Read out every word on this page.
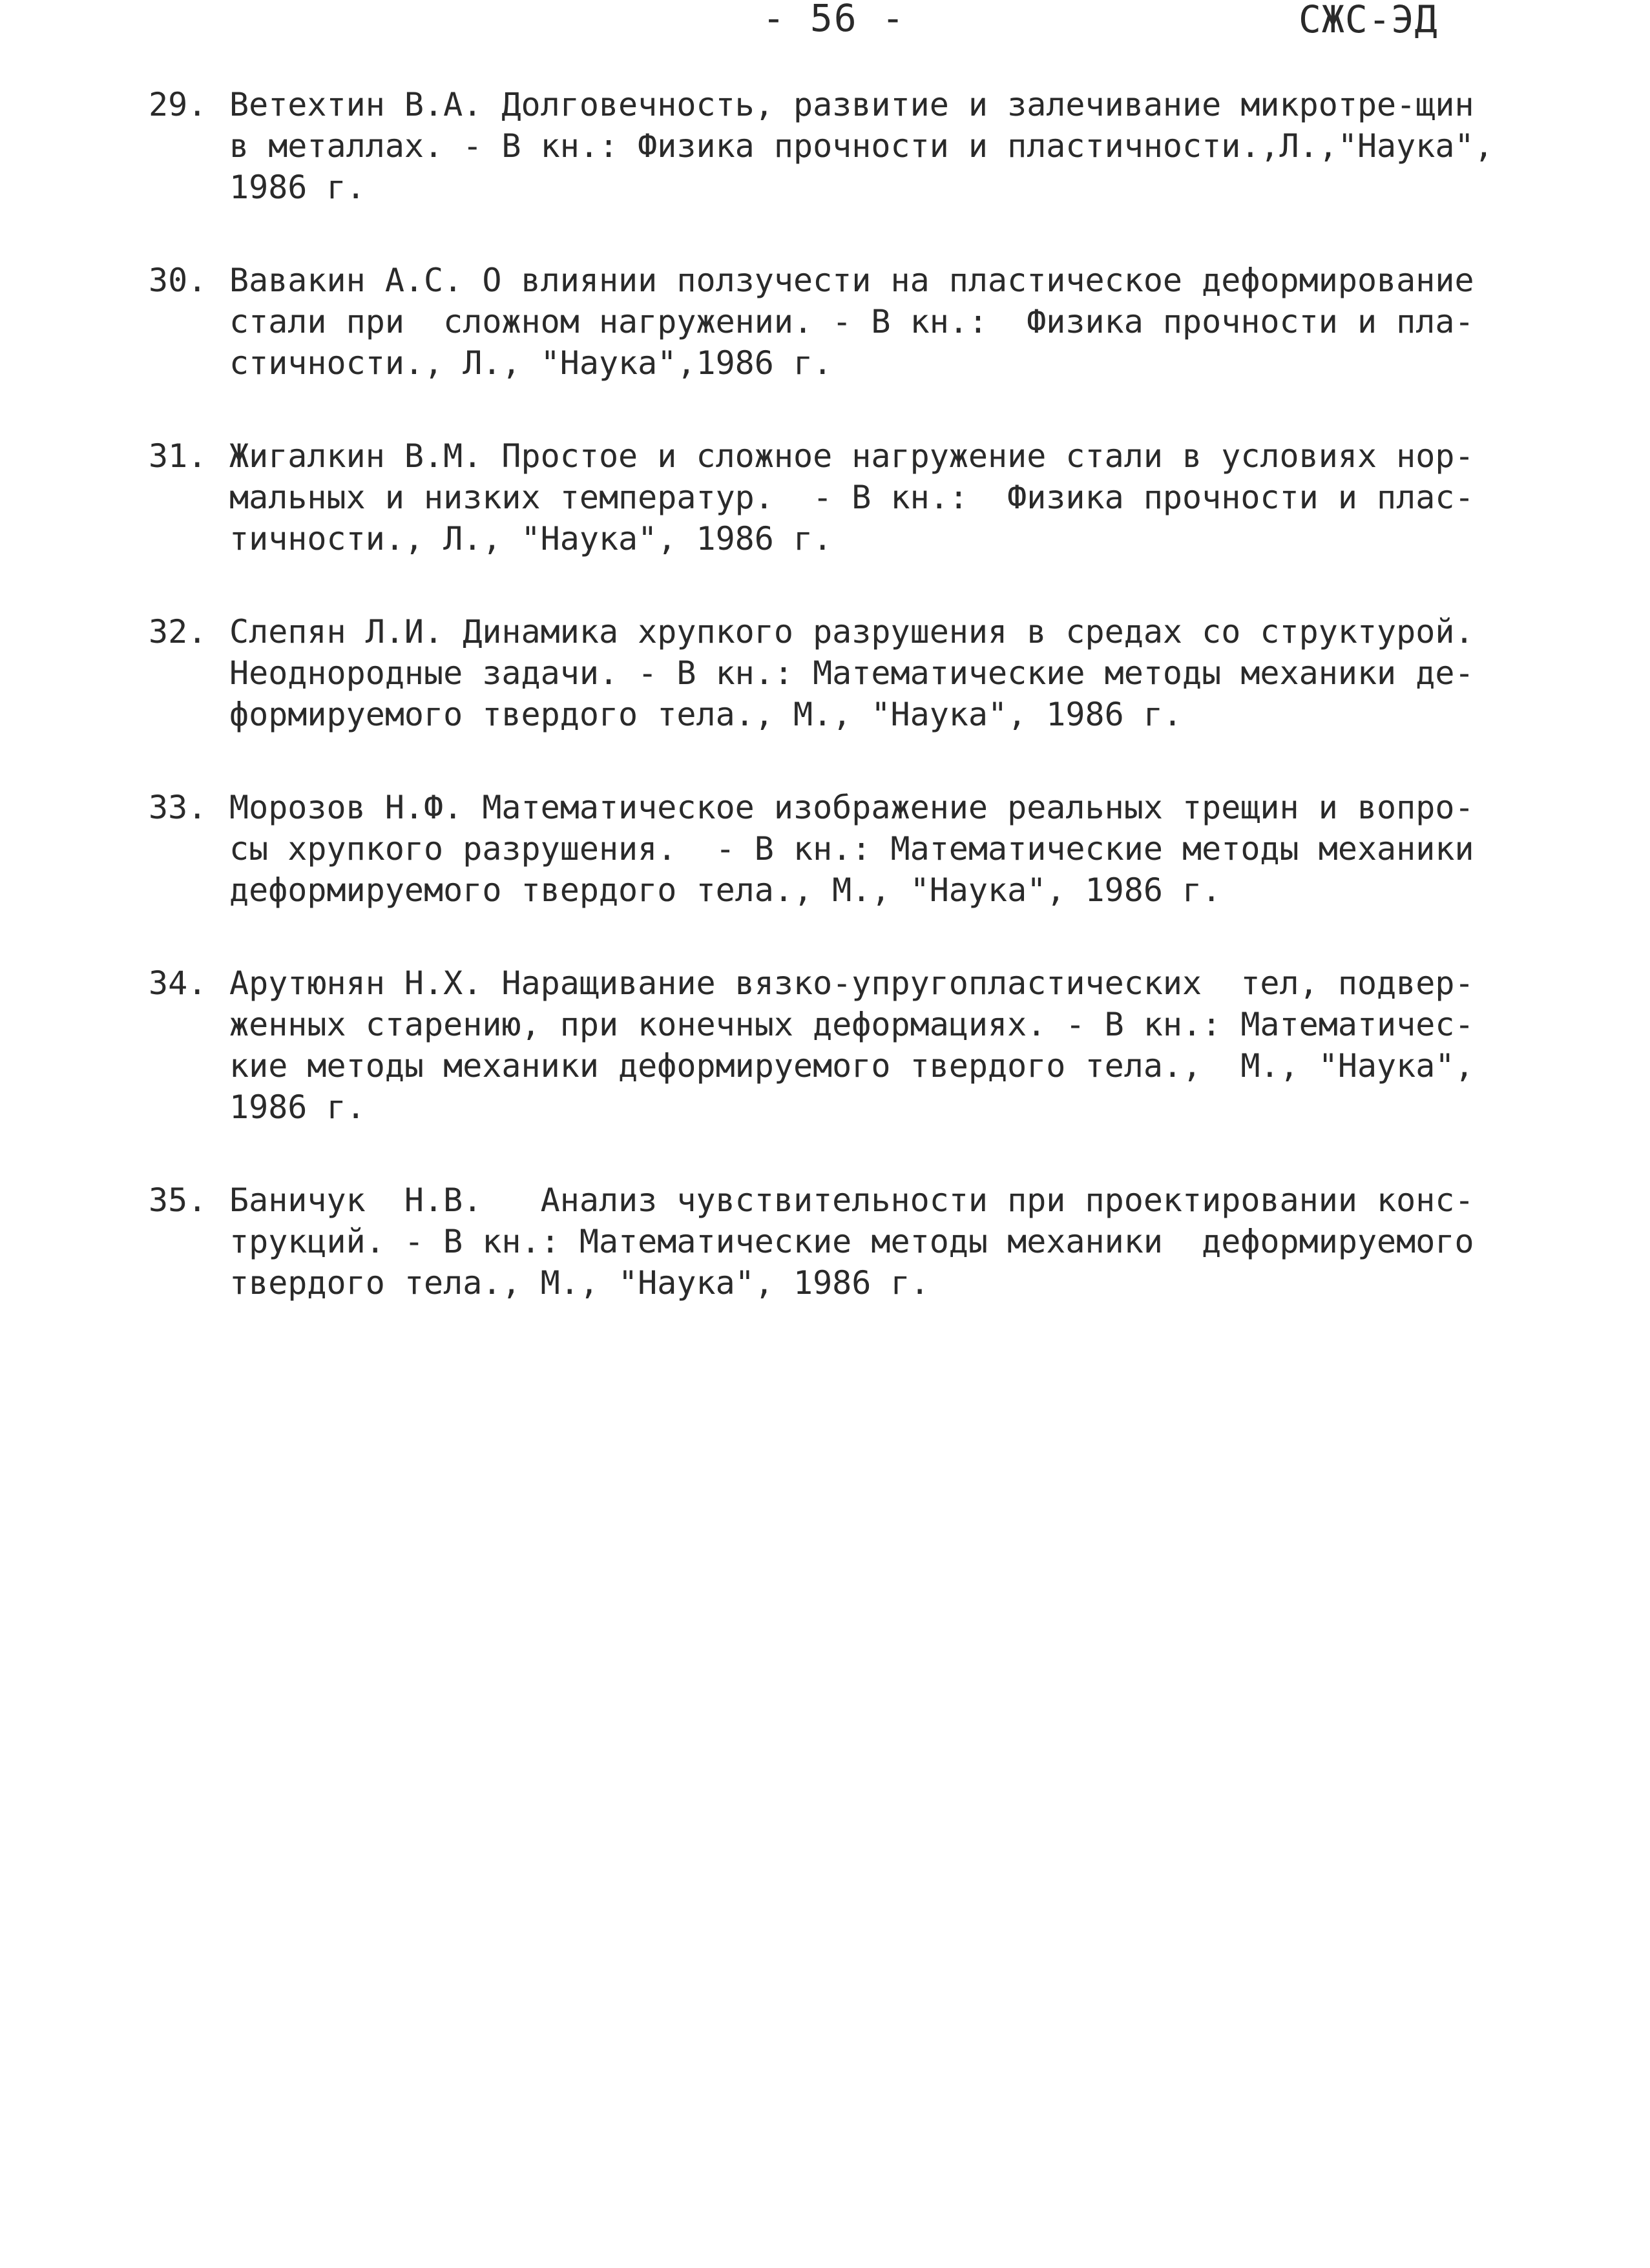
- 56 -	СЖС-ЭД
29. Ветехтин В.А. Долговечность, развитие и залечивание микротре-щин
в металлах. - В кн.: Физика прочности и пластичности.,Л.,"Наука",
1986 г.
30. Вавакин А.С. О влиянии ползучести на пластическое деформирование
стали при  сложном нагружении. - В кн.:  Физика прочности и пла-
стичности., Л., "Наука",1986 г.
31. Жигалкин В.М. Простое и сложное нагружение стали в условиях нор-
мальных и низких температур.  - В кн.:  Физика прочности и плас-
тичности., Л., "Наука", 1986 г.
32. Слепян Л.И. Динамика хрупкого разрушения в средах со структурой.
Неоднородные задачи. - В кн.: Математические методы механики де-
формируемого твердого тела., М., "Наука", 1986 г.
33. Морозов Н.Ф. Математическое изображение реальных трещин и вопро-
сы хрупкого разрушения.  - В кн.: Математические методы механики
деформируемого твердого тела., М., "Наука", 1986 г.
34. Арутюнян Н.Х. Наращивание вязко-упругопластических  тел, подвер-
женных старению, при конечных деформациях. - В кн.: Математичес-
кие методы механики деформируемого твердого тела.,  М., "Наука",
1986 г.
35. Баничук  Н.В.   Анализ чувствительности при проектировании конс-
трукций. - В кн.: Математические методы механики  деформируемого
твердого тела., М., "Наука", 1986 г.
